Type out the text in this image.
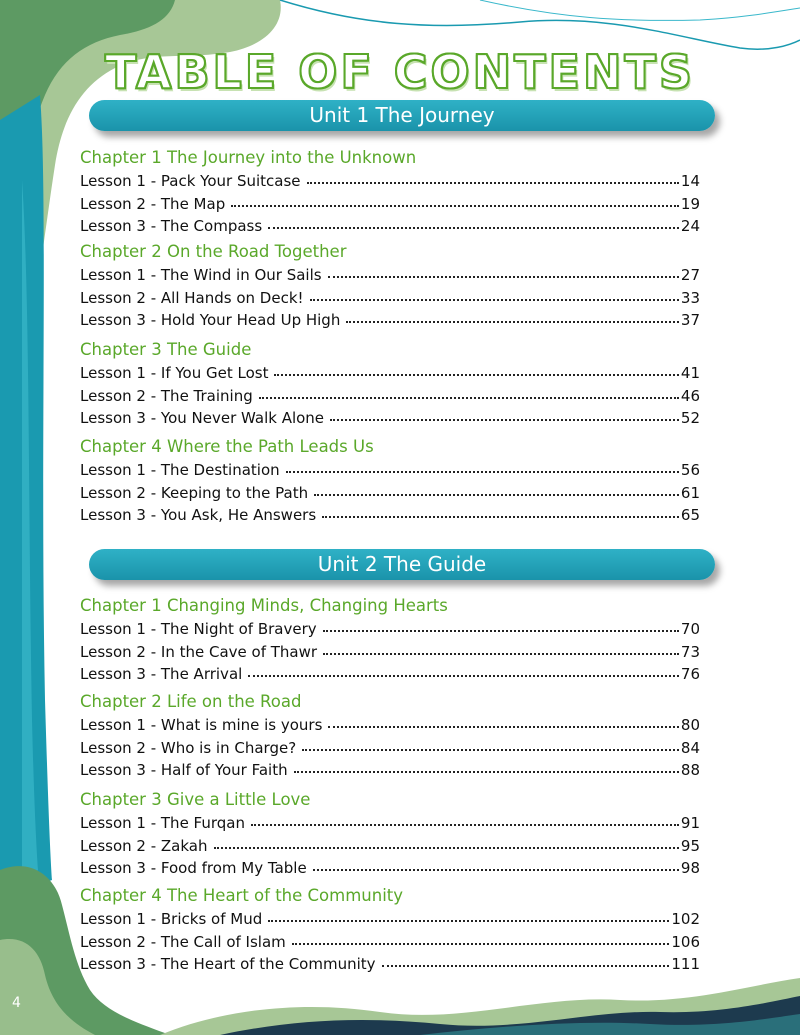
TABLE OF CONTENTS
4
Unit 1 The Journey
Chapter 1 The Journey into the Unknown
Lesson 1 - Pack Your Suitcase	14
Lesson 2 - The Map	19
Lesson 3 - The Compass	24
Chapter 2 On the Road Together
Lesson 1 - The Wind in Our Sails	27
Lesson 2 - All Hands on Deck!	33
Lesson 3 - Hold Your Head Up High	37
Chapter 3 The Guide
Lesson 1 - If You Get Lost	41
Lesson 2 - The Training	46
Lesson 3 - You Never Walk Alone	52
Chapter 4 Where the Path Leads Us
Lesson 1 - The Destination	56
Lesson 2 - Keeping to the Path	61
Lesson 3 - You Ask, He Answers	65
Unit 2 The Guide
Chapter 1 Changing Minds, Changing Hearts
Lesson 1 - The Night of Bravery	70
Lesson 2 - In the Cave of Thawr	73
Lesson 3 - The Arrival	76
Chapter 2 Life on the Road
Lesson 1 - What is mine is yours	80
Lesson 2 - Who is in Charge?	84
Lesson 3 - Half of Your Faith	88
Chapter 3 Give a Little Love
Lesson 1 - The Furqan	91
Lesson 2 - Zakah	95
Lesson 3 - Food from My Table	98
Chapter 4 The Heart of the Community
Lesson 1 - Bricks of Mud	102
Lesson 2 - The Call of Islam	106
Lesson 3 - The Heart of the Community	111
